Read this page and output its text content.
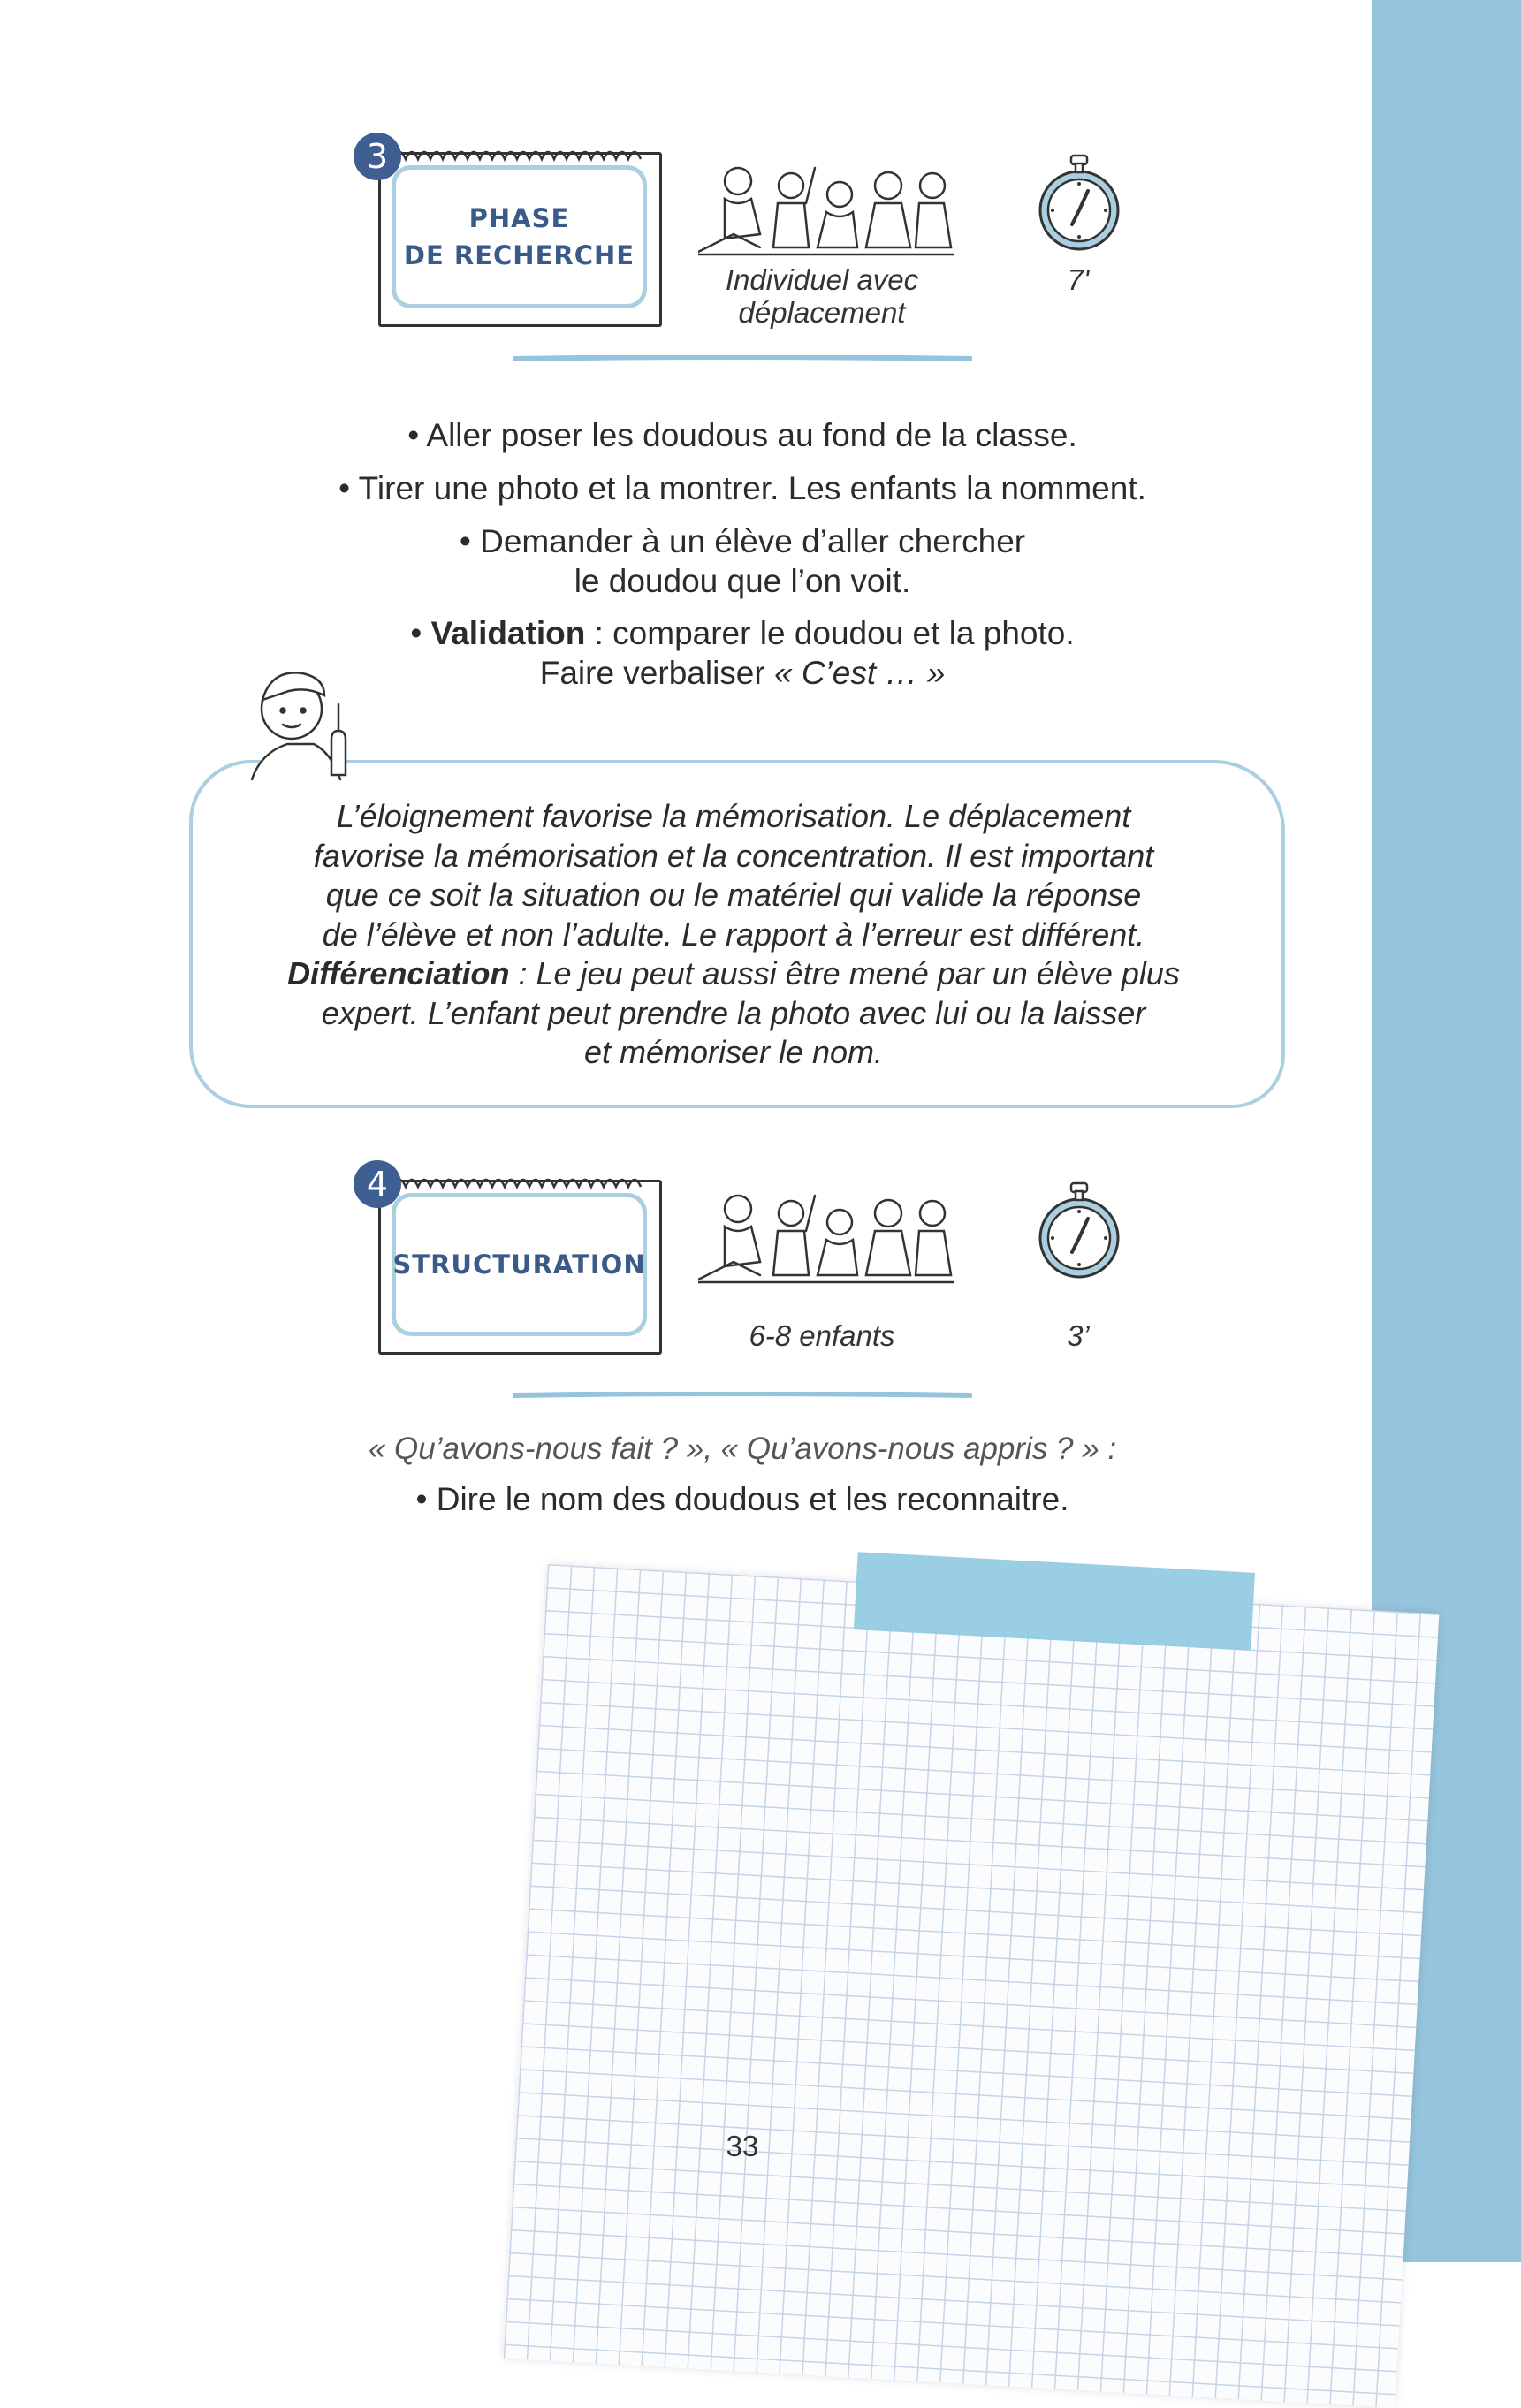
PHASE
DE RECHERCHE
3
Individuel avec
déplacement
7'
• Aller poser les doudous au fond de la classe.
• Tirer une photo et la montrer. Les enfants la nomment.
• Demander à un élève d’aller chercher
le doudou que l’on voit.
• Validation : comparer le doudou et la photo.
Faire verbaliser « C’est … »
L’éloignement favorise la mémorisation. Le déplacement
favorise la mémorisation et la concentration. Il est important
que ce soit la situation ou le matériel qui valide la réponse
de l’élève et non l’adulte. Le rapport à l’erreur est différent.
Différenciation : Le jeu peut aussi être mené par un élève plus
expert. L’enfant peut prendre la photo avec lui ou la laisser
et mémoriser le nom.
STRUCTURATION
4
6-8 enfants	3’
« Qu’avons-nous fait ? », « Qu’avons-nous appris ? » :
• Dire le nom des doudous et les reconnaitre.
33
